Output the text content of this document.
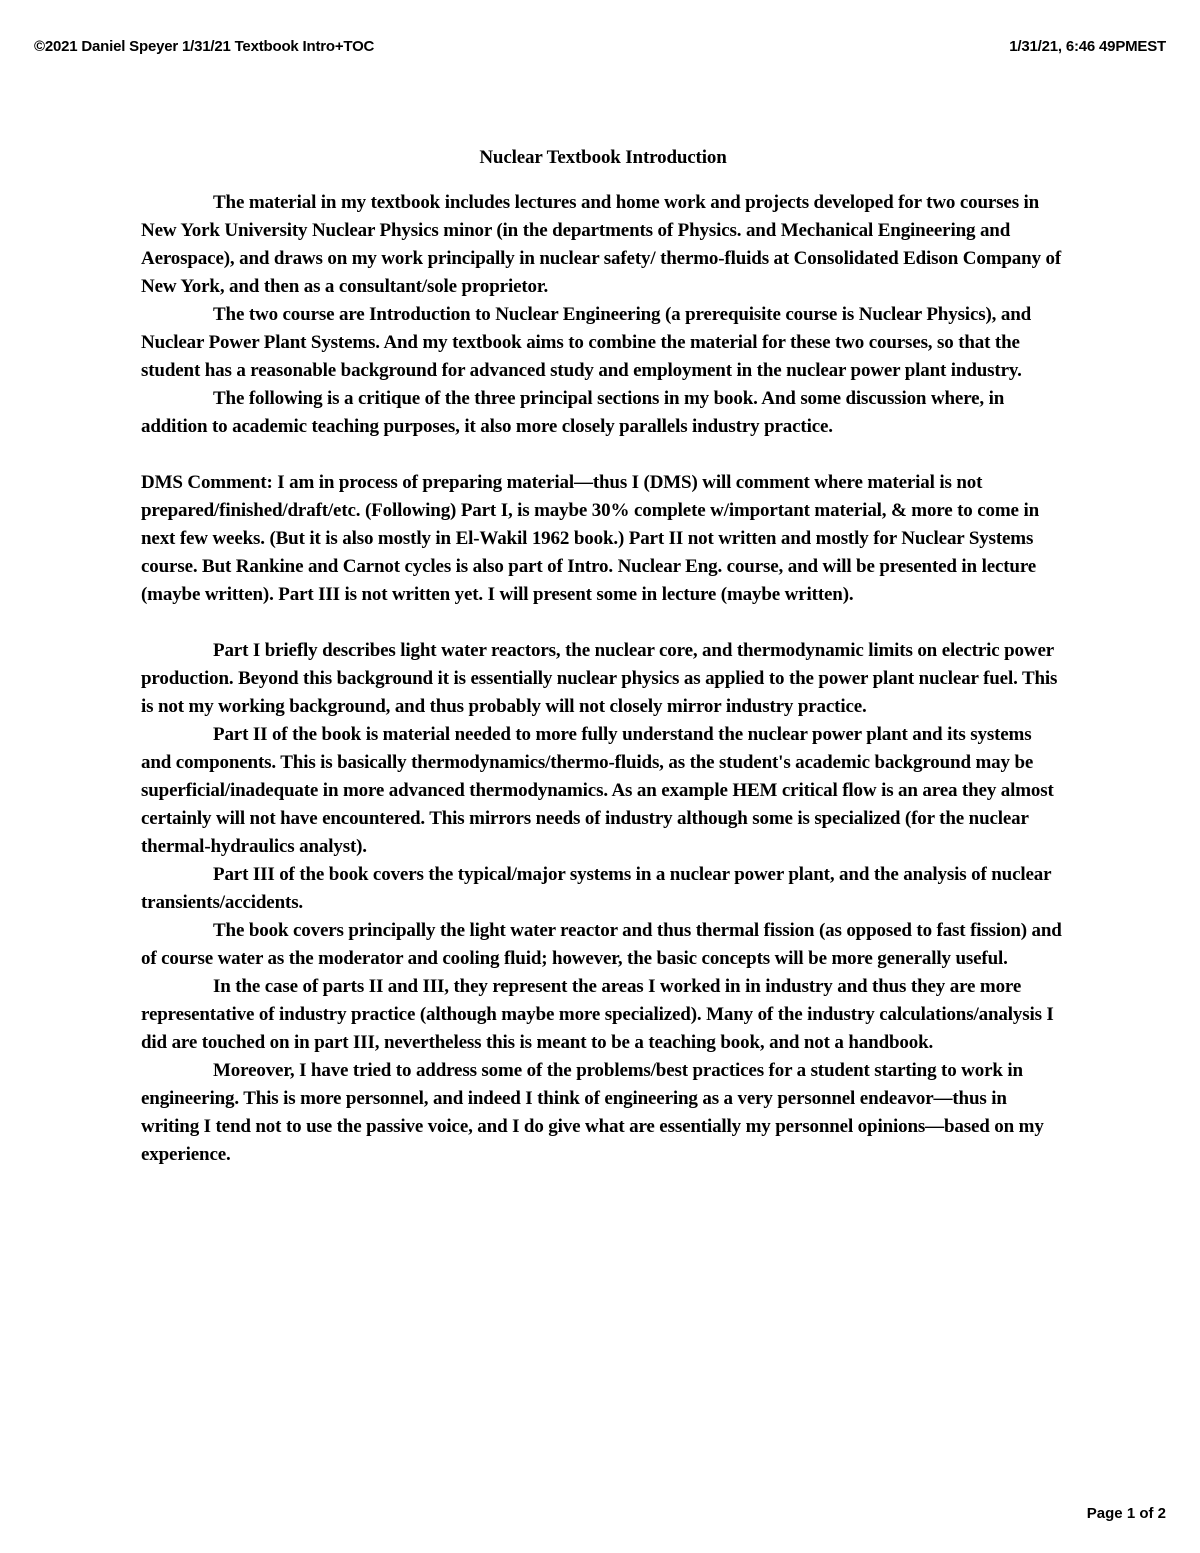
©2021 Daniel Speyer 1/31/21 Textbook Intro+TOC	1/31/21, 6:46 49PMEST
Nuclear Textbook Introduction

The material in my textbook includes lectures and home work and projects developed for two courses in New York University Nuclear Physics minor (in the departments of Physics. and Mechanical Engineering and Aerospace), and draws on my work principally in nuclear safety/ thermo-fluids at Consolidated Edison Company of New York, and then as a consultant/sole proprietor.

The two course are Introduction to Nuclear Engineering (a prerequisite course is Nuclear Physics), and Nuclear Power Plant Systems. And my textbook aims to combine the material for these two courses, so that the student has a reasonable background for advanced study and employment in the nuclear power plant industry.

The following is a critique of the three principal sections in my book. And some discussion where, in addition to academic teaching purposes, it also more closely parallels industry practice.

DMS Comment: I am in process of preparing material—thus I (DMS) will comment where material is not prepared/finished/draft/etc. (Following) Part I, is maybe 30% complete w/important material, & more to come in next few weeks. (But it is also mostly in El-Wakil 1962 book.) Part II not written and mostly for Nuclear Systems course. But Rankine and Carnot cycles is also part of Intro. Nuclear Eng. course, and will be presented in lecture (maybe written). Part III is not written yet. I will present some in lecture (maybe written).

Part I briefly describes light water reactors, the nuclear core, and thermodynamic limits on electric power production. Beyond this background it is essentially nuclear physics as applied to the power plant nuclear fuel. This is not my working background, and thus probably will not closely mirror industry practice.

Part II of the book is material needed to more fully understand the nuclear power plant and its systems and components. This is basically thermodynamics/thermo-fluids, as the student's academic background may be superficial/inadequate in more advanced thermodynamics. As an example HEM critical flow is an area they almost certainly will not have encountered. This mirrors needs of industry although some is specialized (for the nuclear thermal-hydraulics analyst).

Part III of the book covers the typical/major systems in a nuclear power plant, and the analysis of nuclear transients/accidents.

The book covers principally the light water reactor and thus thermal fission (as opposed to fast fission) and of course water as the moderator and cooling fluid; however, the basic concepts will be more generally useful.

In the case of parts II and III, they represent the areas I worked in in industry and thus they are more representative of industry practice (although maybe more specialized). Many of the industry calculations/analysis I did are touched on in part III, nevertheless this is meant to be a teaching book, and not a handbook.

Moreover, I have tried to address some of the problems/best practices for a student starting to work in engineering. This is more personnel, and indeed I think of engineering as a very personnel endeavor—thus in writing I tend not to use the passive voice, and I do give what are essentially my personnel opinions—based on my experience.

Page 1 of 2
